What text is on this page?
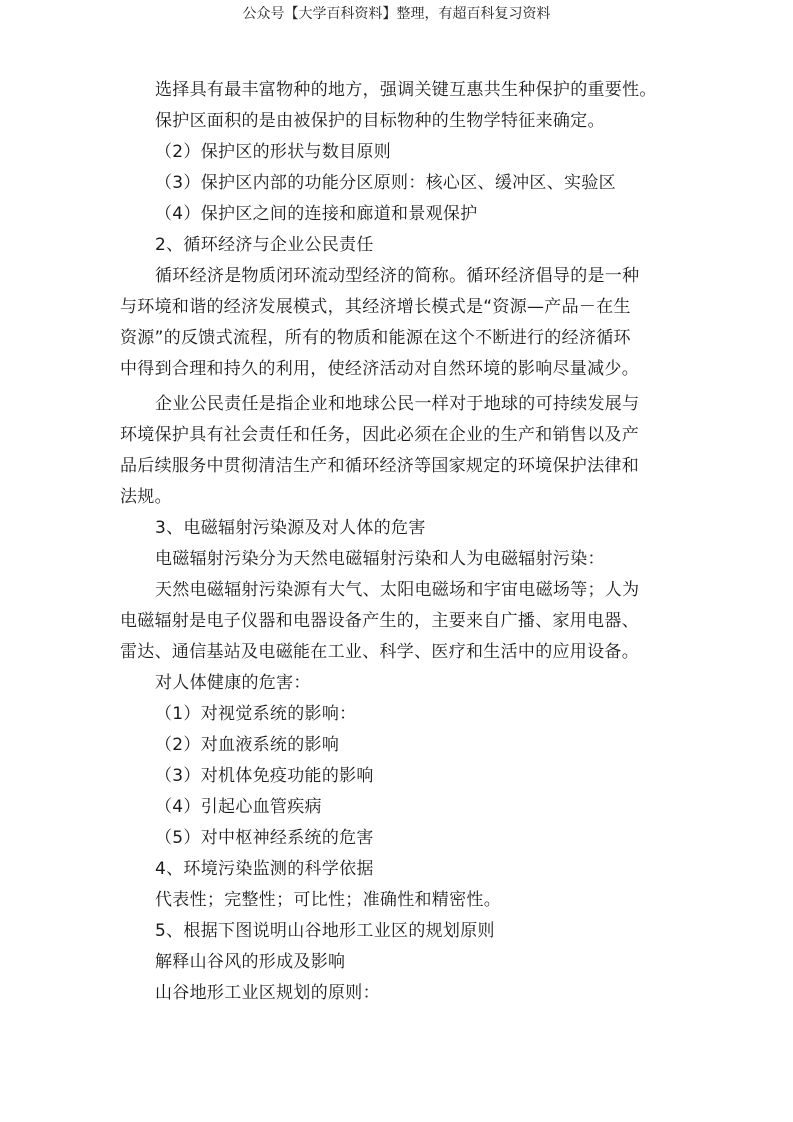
公众号【大学百科资料】整理，有超百科复习资料
选择具有最丰富物种的地方，强调关键互惠共生种保护的重要性。
保护区面积的是由被保护的目标物种的生物学特征来确定。
（2）保护区的形状与数目原则
（3）保护区内部的功能分区原则：核心区、缓冲区、实验区
（4）保护区之间的连接和廊道和景观保护
2、循环经济与企业公民责任
循环经济是物质闭环流动型经济的简称。循环经济倡导的是一种
与环境和谐的经济发展模式，其经济增长模式是“资源—产品－在生
资源”的反馈式流程，所有的物质和能源在这个不断进行的经济循环
中得到合理和持久的利用，使经济活动对自然环境的影响尽量减少。
企业公民责任是指企业和地球公民一样对于地球的可持续发展与
环境保护具有社会责任和任务，因此必须在企业的生产和销售以及产
品后续服务中贯彻清洁生产和循环经济等国家规定的环境保护法律和
法规。
3、电磁辐射污染源及对人体的危害
电磁辐射污染分为天然电磁辐射污染和人为电磁辐射污染：
天然电磁辐射污染源有大气、太阳电磁场和宇宙电磁场等；人为
电磁辐射是电子仪器和电器设备产生的，主要来自广播、家用电器、
雷达、通信基站及电磁能在工业、科学、医疗和生活中的应用设备。
对人体健康的危害：
（1）对视觉系统的影响：
（2）对血液系统的影响
（3）对机体免疫功能的影响
（4）引起心血管疾病
（5）对中枢神经系统的危害
4、环境污染监测的科学依据
代表性；完整性；可比性；准确性和精密性。
5、根据下图说明山谷地形工业区的规划原则
解释山谷风的形成及影响
山谷地形工业区规划的原则：
